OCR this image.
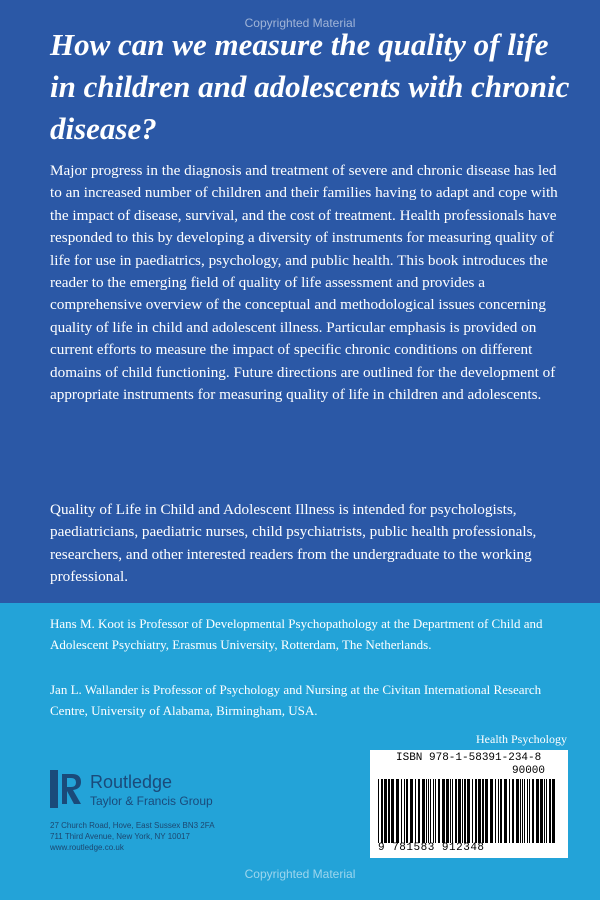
Copyrighted Material
How can we measure the quality of life in children and adolescents with chronic disease?

Major progress in the diagnosis and treatment of severe and chronic disease has led to an increased number of children and their families having to adapt and cope with the impact of disease, survival, and the cost of treatment. Health professionals have responded to this by developing a diversity of instruments for measuring quality of life for use in paediatrics, psychology, and public health. This book introduces the reader to the emerging field of quality of life assessment and provides a comprehensive overview of the conceptual and methodological issues concerning quality of life in child and adolescent illness. Particular emphasis is provided on current efforts to measure the impact of specific chronic conditions on different domains of child functioning. Future directions are outlined for the development of appropriate instruments for measuring quality of life in children and adolescents.

Quality of Life in Child and Adolescent Illness is intended for psychologists, paediatricians, paediatric nurses, child psychiatrists, public health professionals, researchers, and other interested readers from the undergraduate to the working professional.

Hans M. Koot is Professor of Developmental Psychopathology at the Department of Child and Adolescent Psychiatry, Erasmus University, Rotterdam, The Netherlands.

Jan L. Wallander is Professor of Psychology and Nursing at the Civitan International Research Centre, University of Alabama, Birmingham, USA.

Health Psychology
Routledge
Taylor & Francis Group
27 Church Road, Hove, East Sussex BN3 2FA
711 Third Avenue, New York, NY 10017
www.routledge.co.uk
ISBN 978-1-58391-234-8
90000
9 781583 912348
Copyrighted Material
